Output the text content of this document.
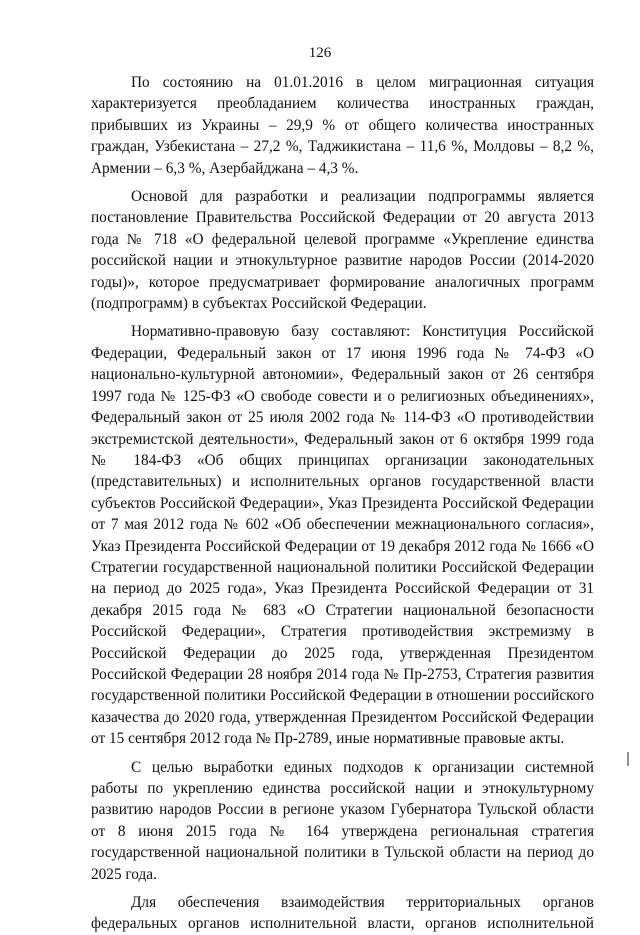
126

По состоянию на 01.01.2016 в целом миграционная ситуация характеризуется преобладанием количества иностранных граждан, прибывших из Украины – 29,9 % от общего количества иностранных граждан, Узбекистана – 27,2 %, Таджикистана – 11,6 %, Молдовы – 8,2 %, Армении – 6,3 %, Азербайджана – 4,3 %.

Основой для разработки и реализации подпрограммы является постановление Правительства Российской Федерации от 20 августа 2013 года № 718 «О федеральной целевой программе «Укрепление единства российской нации и этнокультурное развитие народов России (2014-2020 годы)», которое предусматривает формирование аналогичных программ (подпрограмм) в субъектах Российской Федерации.

Нормативно-правовую базу составляют: Конституция Российской Федерации, Федеральный закон от 17 июня 1996 года № 74-ФЗ «О национально-культурной автономии», Федеральный закон от 26 сентября 1997 года № 125-ФЗ «О свободе совести и о религиозных объединениях», Федеральный закон от 25 июля 2002 года № 114-ФЗ «О противодействии экстремистской деятельности», Федеральный закон от 6 октября 1999 года № 184-ФЗ «Об общих принципах организации законодательных (представительных) и исполнительных органов государственной власти субъектов Российской Федерации», Указ Президента Российской Федерации от 7 мая 2012 года № 602 «Об обеспечении межнационального согласия», Указ Президента Российской Федерации от 19 декабря 2012 года № 1666 «О Стратегии государственной национальной политики Российской Федерации на период до 2025 года», Указ Президента Российской Федерации от 31 декабря 2015 года № 683 «О Стратегии национальной безопасности Российской Федерации», Стратегия противодействия экстремизму в Российской Федерации до 2025 года, утвержденная Президентом Российской Федерации 28 ноября 2014 года № Пр-2753, Стратегия развития государственной политики Российской Федерации в отношении российского казачества до 2020 года, утвержденная Президентом Российской Федерации от 15 сентября 2012 года № Пр-2789, иные нормативные правовые акты.

С целью выработки единых подходов к организации системной работы по укреплению единства российской нации и этнокультурному развитию народов России в регионе указом Губернатора Тульской области от 8 июня 2015 года № 164 утверждена региональная стратегия государственной национальной политики в Тульской области на период до 2025 года.

Для обеспечения взаимодействия территориальных органов федеральных органов исполнительной власти, органов исполнительной
